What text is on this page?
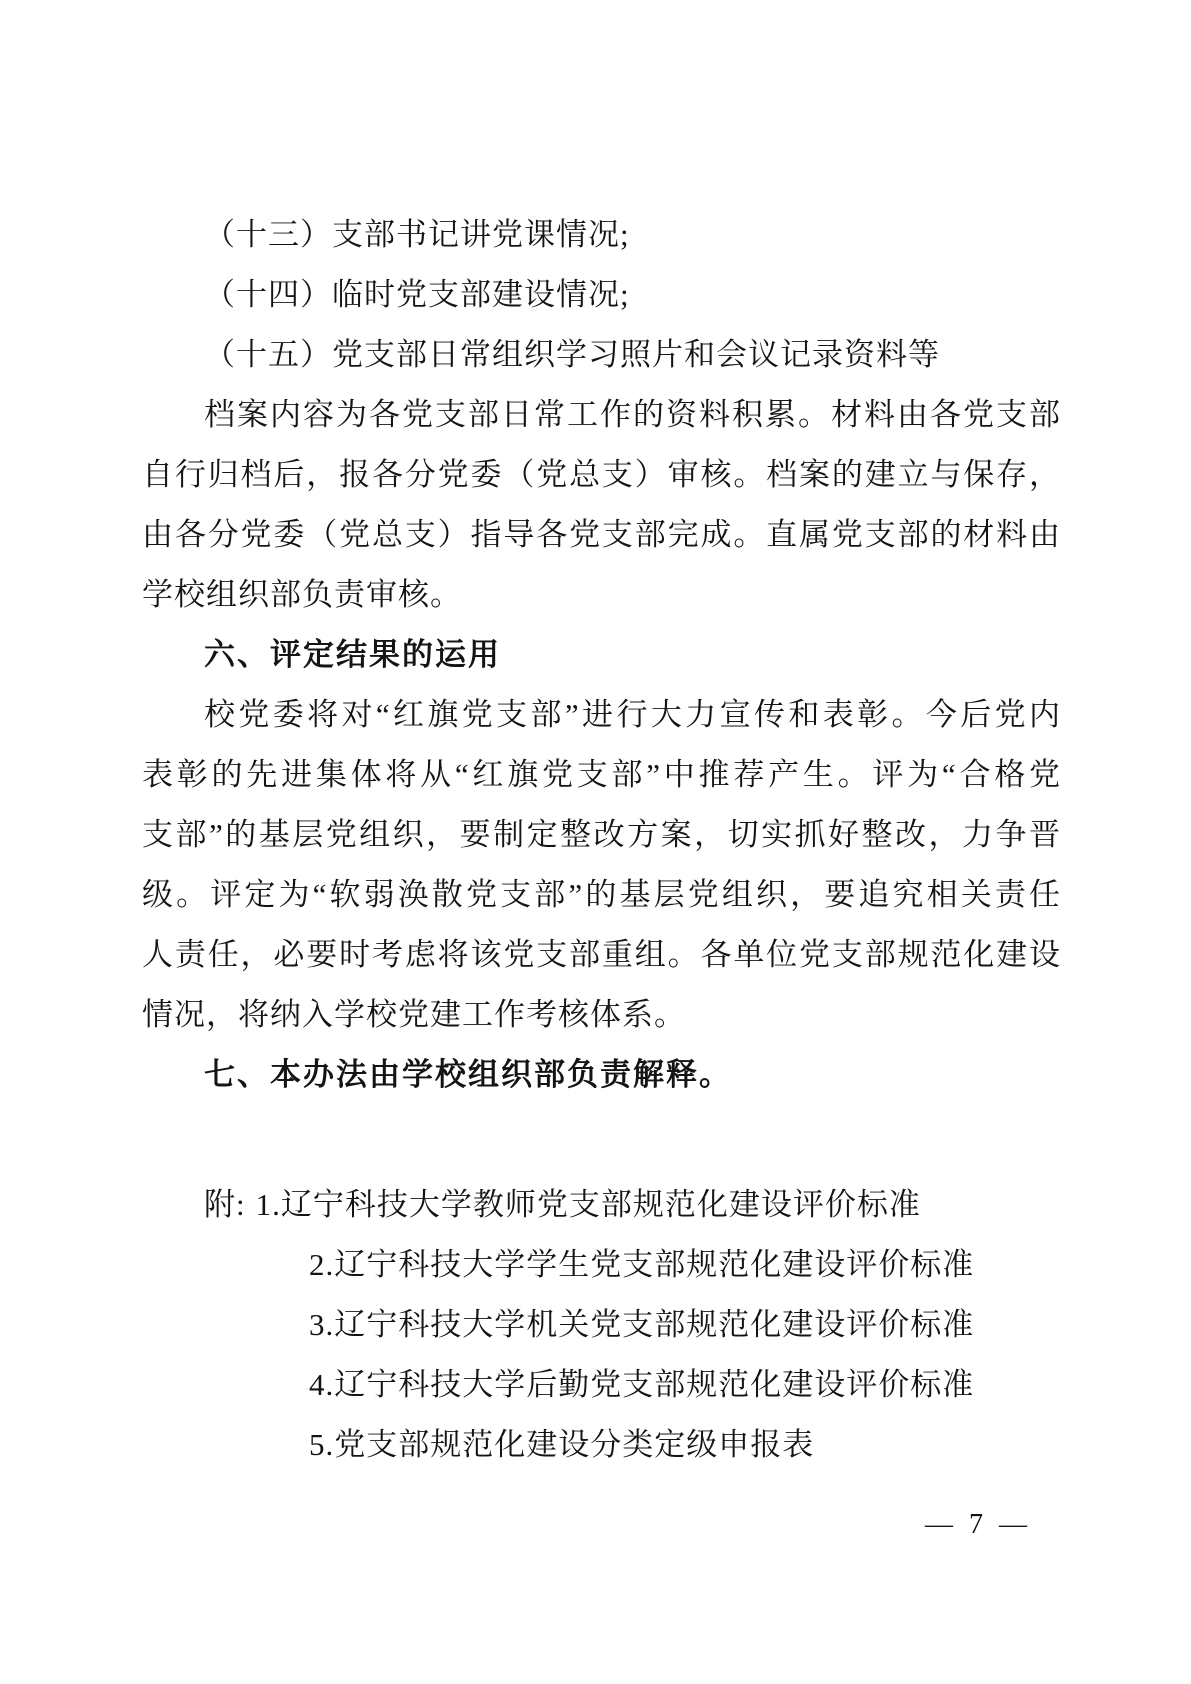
（十三）支部书记讲党课情况;
（十四）临时党支部建设情况;
（十五）党支部日常组织学习照片和会议记录资料等
档案内容为各党支部日常工作的资料积累。材料由各党支部
自行归档后，报各分党委（党总支）审核。档案的建立与保存，
由各分党委（党总支）指导各党支部完成。直属党支部的材料由
学校组织部负责审核。
六、评定结果的运用
校党委将对“红旗党支部”进行大力宣传和表彰。今后党内
表彰的先进集体将从“红旗党支部”中推荐产生。评为“合格党
支部”的基层党组织，要制定整改方案，切实抓好整改，力争晋
级。评定为“软弱涣散党支部”的基层党组织，要追究相关责任
人责任，必要时考虑将该党支部重组。各单位党支部规范化建设
情况，将纳入学校党建工作考核体系。
七、本办法由学校组织部负责解释。
附: 1.辽宁科技大学教师党支部规范化建设评价标准
2.辽宁科技大学学生党支部规范化建设评价标准
3.辽宁科技大学机关党支部规范化建设评价标准
4.辽宁科技大学后勤党支部规范化建设评价标准
5.党支部规范化建设分类定级申报表
— 7 —
